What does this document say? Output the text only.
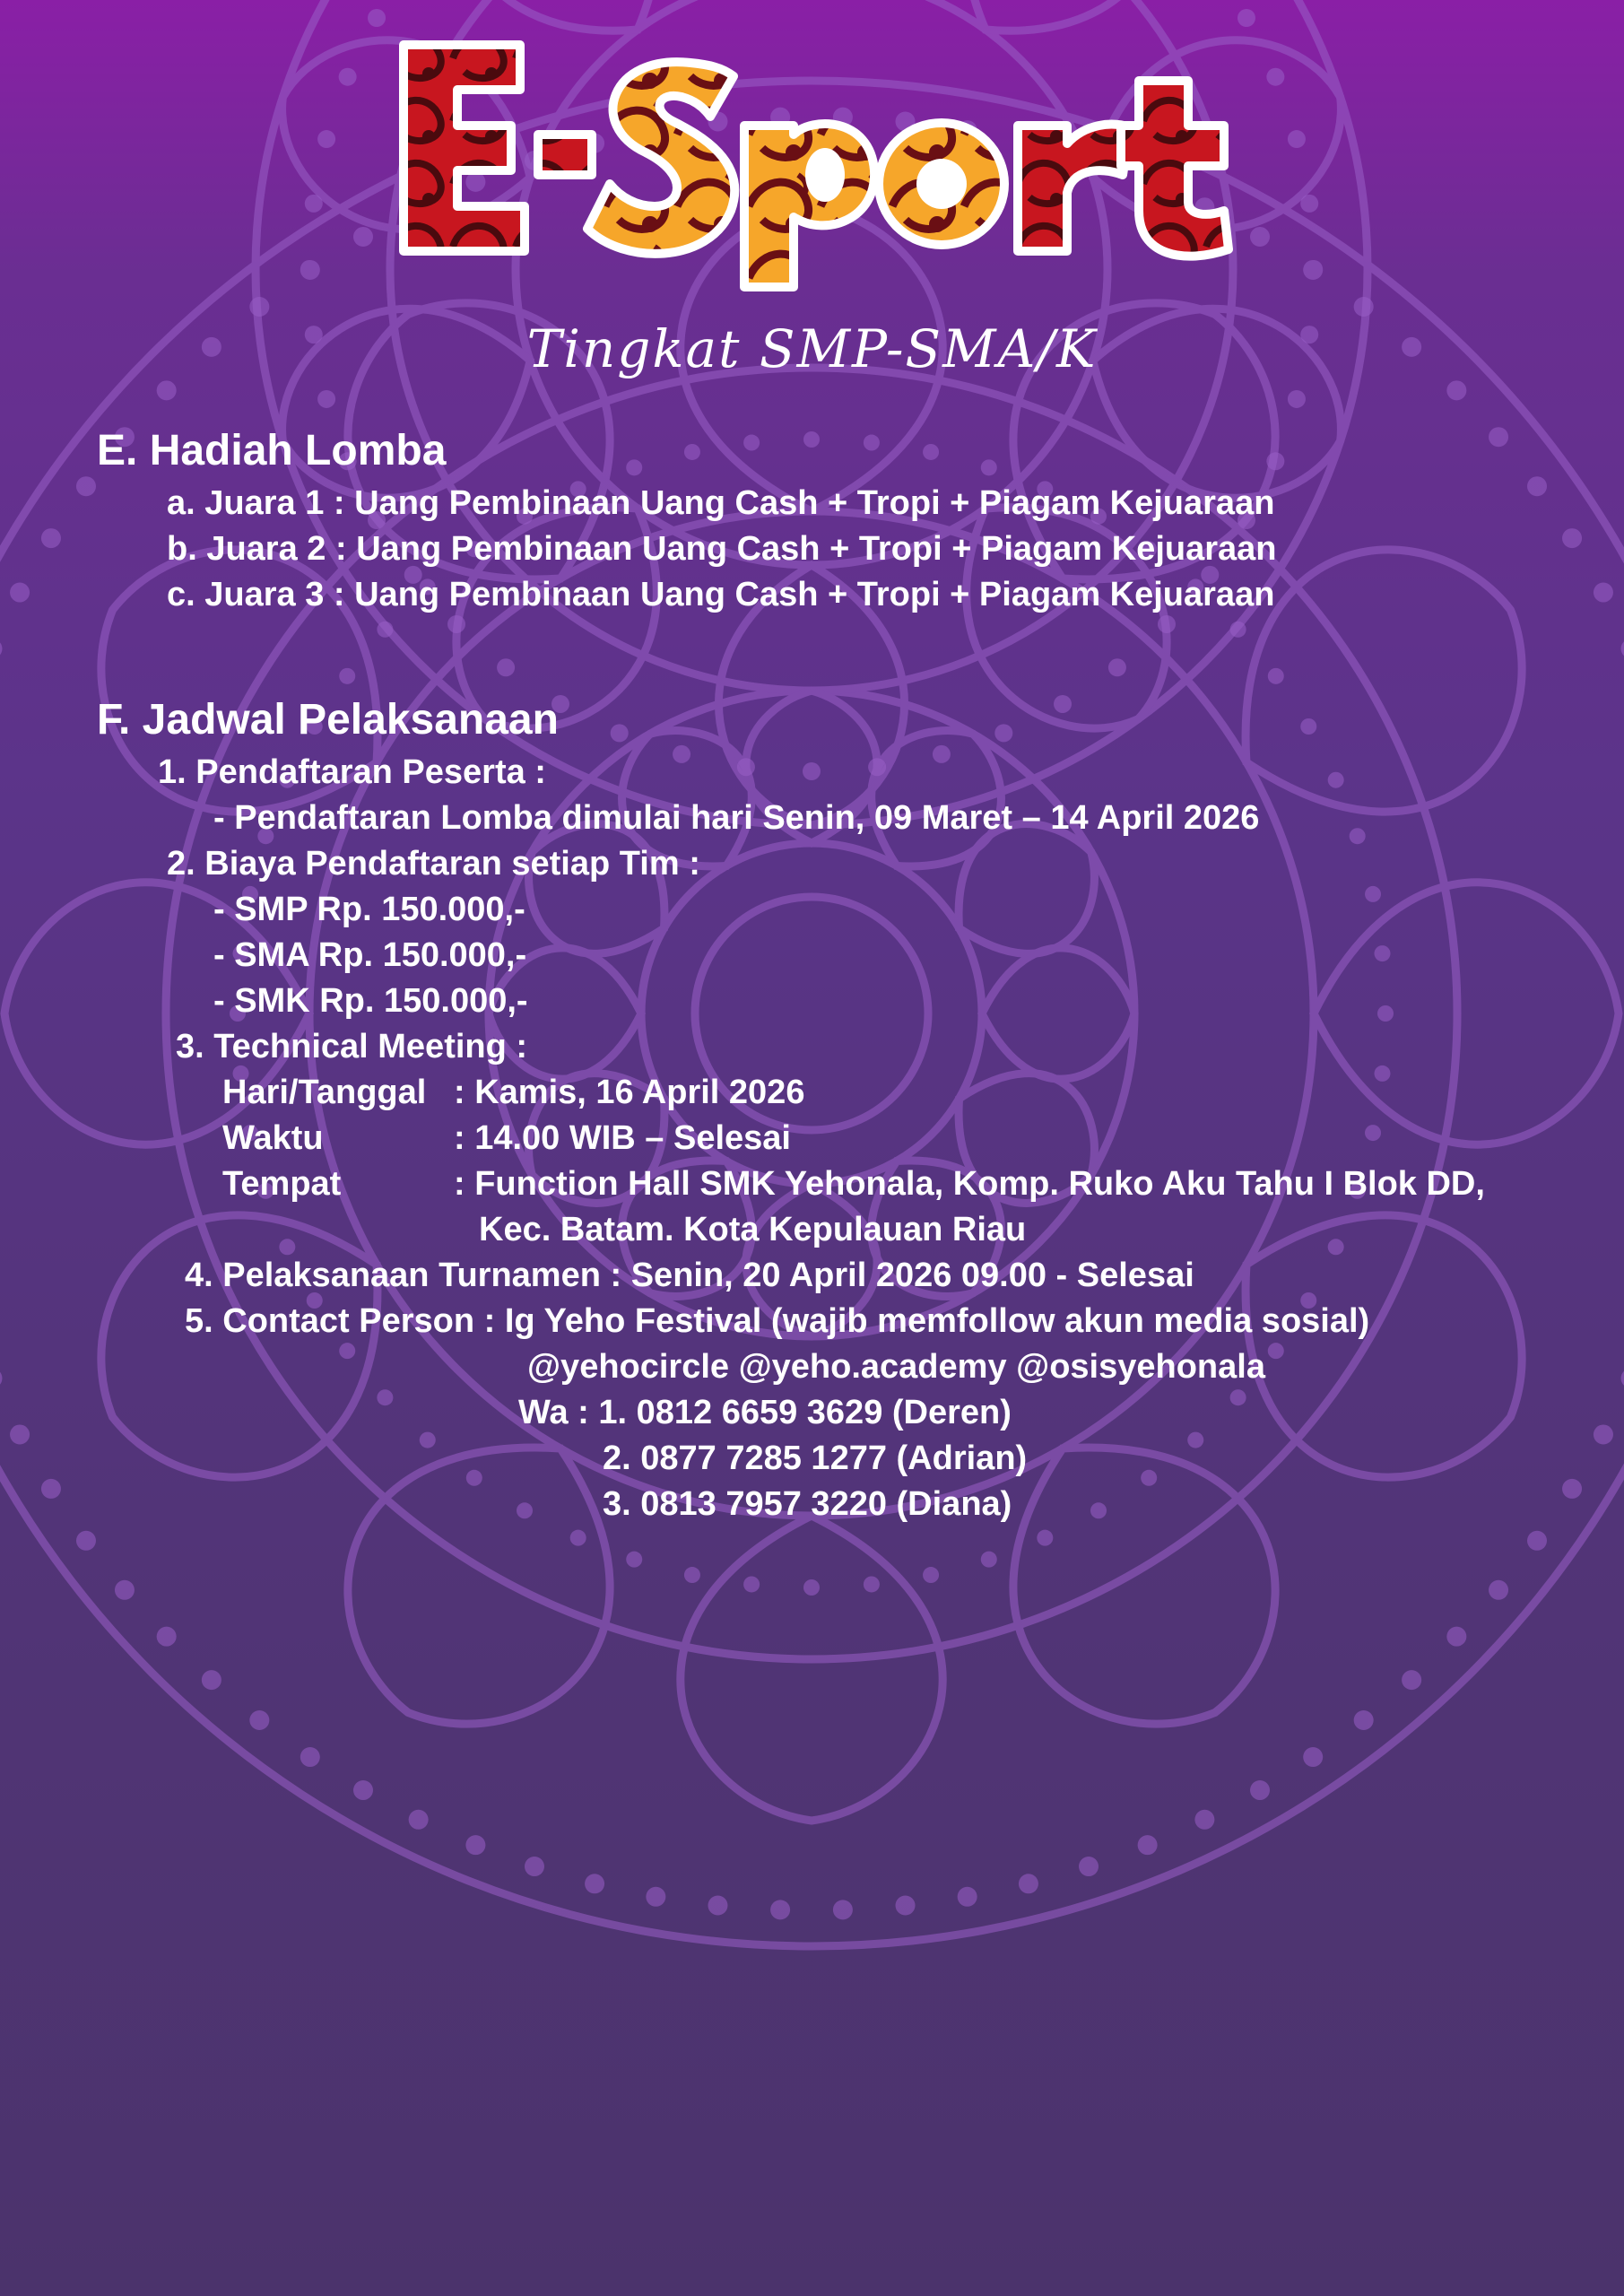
Tingkat SMP-SMA/K
E. Hadiah Lomba
a. Juara 1 : Uang Pembinaan Uang Cash + Tropi + Piagam Kejuaraan
b. Juara 2 : Uang Pembinaan Uang Cash + Tropi + Piagam Kejuaraan
c. Juara 3 : Uang Pembinaan Uang Cash + Tropi + Piagam Kejuaraan
F. Jadwal Pelaksanaan
1. Pendaftaran Peserta :
- Pendaftaran Lomba dimulai hari Senin, 09 Maret – 14 April 2026
2. Biaya Pendaftaran setiap Tim :
- SMP Rp. 150.000,-
- SMA Rp. 150.000,-
- SMK Rp. 150.000,-
3. Technical Meeting :
Hari/Tanggal : Kamis, 16 April 2026
Waktu	: 14.00 WIB – Selesai
Tempat	: Function Hall SMK Yehonala, Komp. Ruko Aku Tahu I Blok DD,
Kec. Batam. Kota Kepulauan Riau
4. Pelaksanaan Turnamen : Senin, 20 April 2026 09.00 - Selesai
5. Contact Person : Ig Yeho Festival (wajib memfollow akun media sosial)
@yehocircle @yeho.academy @osisyehonala
Wa : 1. 0812 6659 3629 (Deren)
2. 0877 7285 1277 (Adrian)
3. 0813 7957 3220 (Diana)
